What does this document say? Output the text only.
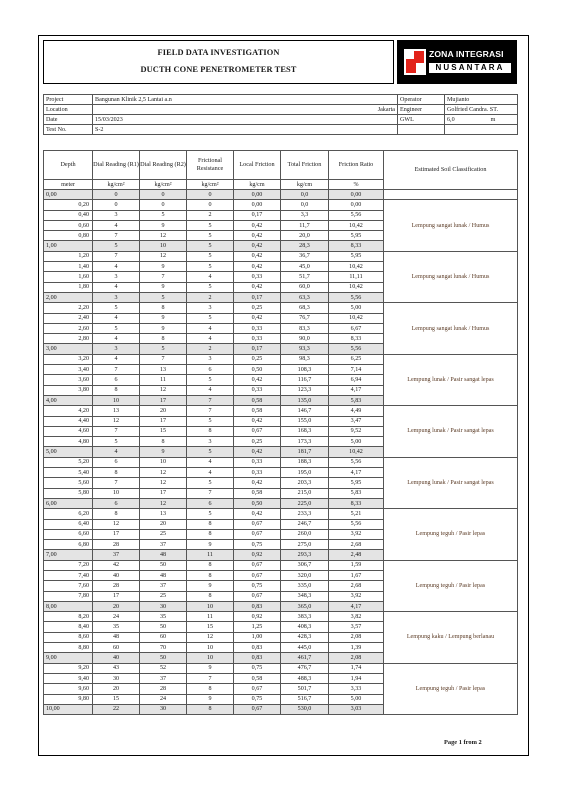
FIELD DATA INVESTIGATION
DUCTH CONE PENETROMETER TEST
ZONA INTEGRASI
NUSANTARA
Project	Bangunan Klinik 2,5 Lantai a.n	Operator	Mujianto
Location	Jakarta	Engineer	Golfried Candra. ST.
Date	15/03/2023	GWL	6,0 m
Test No.	S-2		
Depth	Dial Reading (R1)	Dial Reading (R2)	Frictional Resistance	Local Friction	Total Friction	Friction Ratio	Estimated Soil Classification
meter	kg/cm²	kg/cm²	kg/cm²	kg/cm	kg/cm	%	
0,00	0	0	0	0,00	0,0	0,00	
0,20	0	0	0	0,00	0,0	0,00	Lempung sangat lunak / Humus
0,40	3	5	2	0,17	3,3	5,56	
0,60	4	9	5	0,42	11,7	10,42	
0,80	7	12	5	0,42	20,0	5,95	
1,00	5	10	5	0,42	28,3	8,33	
1,20	7	12	5	0,42	36,7	5,95	Lempung sangat lunak / Humus
1,40	4	9	5	0,42	45,0	10,42	
1,60	3	7	4	0,33	51,7	11,11	
1,80	4	9	5	0,42	60,0	10,42	
2,00	3	5	2	0,17	63,3	5,56	
2,20	5	8	3	0,25	68,3	5,00	Lempung sangat lunak / Humus
2,40	4	9	5	0,42	76,7	10,42	
2,60	5	9	4	0,33	83,3	6,67	
2,80	4	8	4	0,33	90,0	8,33	
3,00	3	5	2	0,17	93,3	5,56	
3,20	4	7	3	0,25	98,3	6,25	Lempung lunak / Pasir sangat lepas
3,40	7	13	6	0,50	108,3	7,14	
3,60	6	11	5	0,42	116,7	6,94	
3,80	8	12	4	0,33	123,3	4,17	
4,00	10	17	7	0,58	135,0	5,83	
4,20	13	20	7	0,58	146,7	4,49	Lempung lunak / Pasir sangat lepas
4,40	12	17	5	0,42	155,0	3,47	
4,60	7	15	8	0,67	168,3	9,52	
4,80	5	8	3	0,25	173,3	5,00	
5,00	4	9	5	0,42	181,7	10,42	
5,20	6	10	4	0,33	188,3	5,56	Lempung lunak / Pasir sangat lepas
5,40	8	12	4	0,33	195,0	4,17	
5,60	7	12	5	0,42	203,3	5,95	
5,80	10	17	7	0,58	215,0	5,83	
6,00	6	12	6	0,50	225,0	8,33	
6,20	8	13	5	0,42	233,3	5,21	Lempung teguh / Pasir lepas
6,40	12	20	8	0,67	246,7	5,56	
6,60	17	25	8	0,67	260,0	3,92	
6,80	28	37	9	0,75	275,0	2,68	
7,00	37	48	11	0,92	293,3	2,48	
7,20	42	50	8	0,67	306,7	1,59	Lempung teguh / Pasir lepas
7,40	40	48	8	0,67	320,0	1,67	
7,60	28	37	9	0,75	335,0	2,68	
7,80	17	25	8	0,67	348,3	3,92	
8,00	20	30	10	0,83	365,0	4,17	
8,20	24	35	11	0,92	383,3	3,82	Lempung kaku / Lempung berlanau
8,40	35	50	15	1,25	408,3	3,57	
8,60	48	60	12	1,00	428,3	2,08	
8,80	60	70	10	0,83	445,0	1,39	
9,00	40	50	10	0,83	461,7	2,08	
9,20	43	52	9	0,75	476,7	1,74	Lempung teguh / Pasir lepas
9,40	30	37	7	0,58	488,3	1,94	
9,60	20	28	8	0,67	501,7	3,33	
9,80	15	24	9	0,75	516,7	5,00	
10,00	22	30	8	0,67	530,0	3,03	
Page 1 from 2
